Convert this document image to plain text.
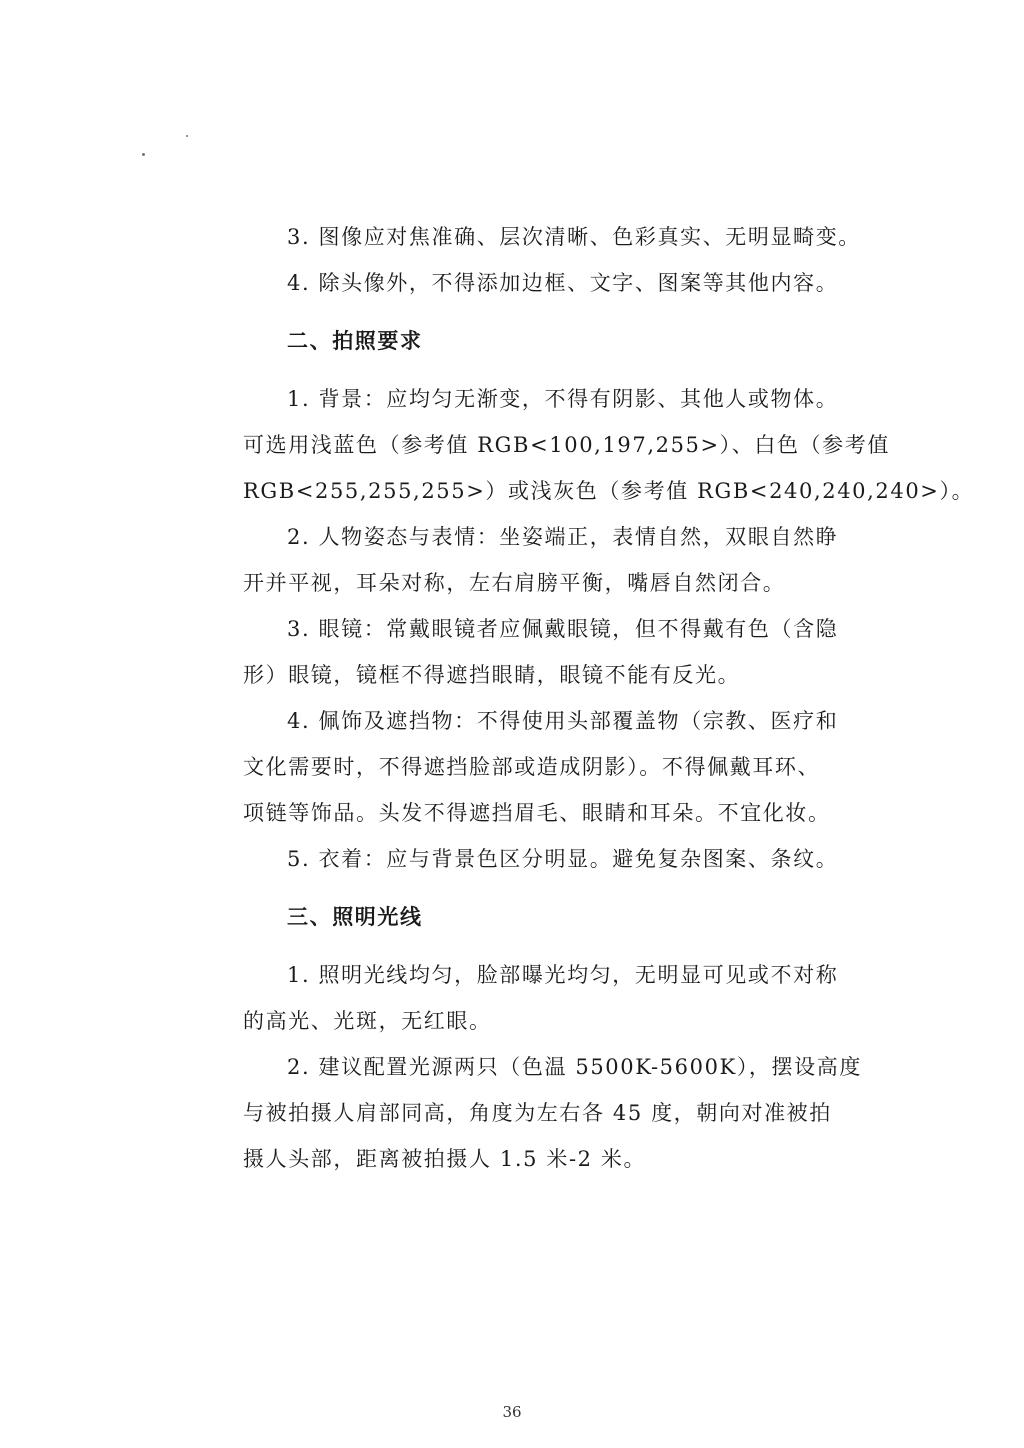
3. 图像应对焦准确、层次清晰、色彩真实、无明显畸变。

4. 除头像外，不得添加边框、文字、图案等其他内容。

二、拍照要求

1. 背景：应均匀无渐变，不得有阴影、其他人或物体。

可选用浅蓝色（参考值 RGB<100,197,255>）、白色（参考值

RGB<255,255,255>）或浅灰色（参考值 RGB<240,240,240>）。

2. 人物姿态与表情：坐姿端正，表情自然，双眼自然睁

开并平视，耳朵对称，左右肩膀平衡，嘴唇自然闭合。

3. 眼镜：常戴眼镜者应佩戴眼镜，但不得戴有色（含隐

形）眼镜，镜框不得遮挡眼睛，眼镜不能有反光。

4. 佩饰及遮挡物：不得使用头部覆盖物（宗教、医疗和

文化需要时，不得遮挡脸部或造成阴影）。不得佩戴耳环、

项链等饰品。头发不得遮挡眉毛、眼睛和耳朵。不宜化妆。

5. 衣着：应与背景色区分明显。避免复杂图案、条纹。

三、照明光线

1. 照明光线均匀，脸部曝光均匀，无明显可见或不对称

的高光、光斑，无红眼。

2. 建议配置光源两只（色温 5500K-5600K），摆设高度

与被拍摄人肩部同高，角度为左右各 45 度，朝向对准被拍

摄人头部，距离被拍摄人 1.5 米-2 米。

36
